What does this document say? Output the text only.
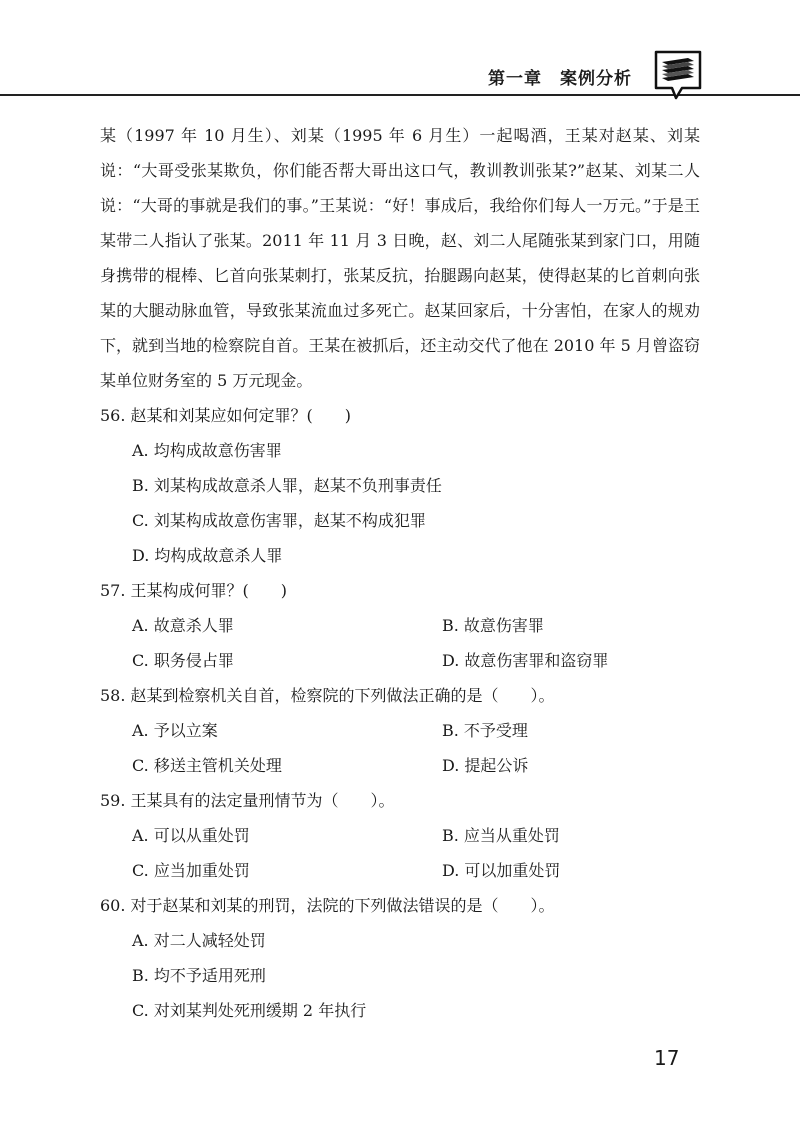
第一章　案例分析

某（1997 年 10 月生）、刘某（1995 年 6 月生）一起喝酒，王某对赵某、刘某说：“大哥受张某欺负，你们能否帮大哥出这口气，教训教训张某?”赵某、刘某二人说：“大哥的事就是我们的事。”王某说：“好！事成后，我给你们每人一万元。”于是王某带二人指认了张某。2011 年 11 月 3 日晚，赵、刘二人尾随张某到家门口，用随身携带的棍棒、匕首向张某刺打，张某反抗，抬腿踢向赵某，使得赵某的匕首刺向张某的大腿动脉血管，导致张某流血过多死亡。赵某回家后，十分害怕，在家人的规劝下，就到当地的检察院自首。王某在被抓后，还主动交代了他在 2010 年 5 月曾盗窃某单位财务室的 5 万元现金。

56. 赵某和刘某应如何定罪？(　　)

A. 均构成故意伤害罪

B. 刘某构成故意杀人罪，赵某不负刑事责任

C. 刘某构成故意伤害罪，赵某不构成犯罪

D. 均构成故意杀人罪

57. 王某构成何罪？(　　)

A. 故意杀人罪	B. 故意伤害罪

C. 职务侵占罪	D. 故意伤害罪和盗窃罪

58. 赵某到检察机关自首，检察院的下列做法正确的是（　　）。

A. 予以立案	B. 不予受理

C. 移送主管机关处理	D. 提起公诉

59. 王某具有的法定量刑情节为（　　）。

A. 可以从重处罚	B. 应当从重处罚

C. 应当加重处罚	D. 可以加重处罚

60. 对于赵某和刘某的刑罚，法院的下列做法错误的是（　　）。

A. 对二人减轻处罚

B. 均不予适用死刑

C. 对刘某判处死刑缓期 2 年执行

17
